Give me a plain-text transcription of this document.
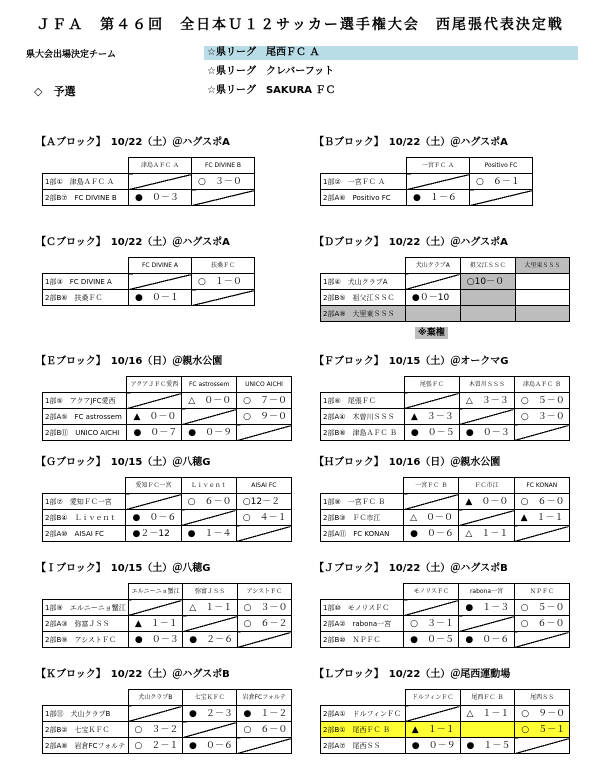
ＪＦＡ　第４６回　全日本Ｕ１２サッカー選手権大会　西尾張代表決定戦
県大会出場決定チーム	☆県リーグ　尾西ＦＣ Ａ
☆県リーグ　クレバーフット
☆県リーグ　SAKURA ＦＣ
◇　予選
【Ａブロック】　10/22（土）＠ハグスポA
	津島ＡＦＣ Ａ	FC DIVINE B
1部①　津島ＡＦＣ Ａ		○　３－０
2部B⑦　FC DIVINE B	●　０－３	
【Ｂブロック】　10/22（土）＠ハグスポA
	一宮ＦＣ Ａ	Positivo FC
1部②　一宮ＦＣ Ａ		○　６－１
2部A⑥　Positivo FC	●　１－６	
【Ｃブロック】　10/22（土）＠ハグスポA
	FC DIVINE A	扶桑ＦＣ
1部③　FC DIVINE A		○　１－０
2部B⑥　扶桑ＦＣ	●　０－１	
【Ｄブロック】　10/22（土）＠ハグスポA
	犬山クラブA	祖父江ＳＳＣ	大里東ＳＳＳ
1部④　犬山クラブA		○10－０	
2部B⑤　祖父江ＳＳＣ	●０－10		
2部A⑨　大里東ＳＳＳ			
※棄権
【Ｅブロック】　10/16（日）＠親水公園
	アクアＪＦＣ愛西	FC astrossem	UNICO AICHI
1部⑤　アクアJFC愛西		△　０－０	○　７－０
2部A⑤　FC astrossem	▲　０－０		○　９－０
2部B⑪　UNICO AICHI	●　０－７	●　０－９	
【Ｆブロック】　10/15（土）＠オークマG
	尾張ＦＣ	木曽川ＳＳＳ	津島ＡＦＣ Ｂ
1部⑥　尾張ＦＣ		△　３－３	○　５－０
2部A④　木曽川ＳＳＳ	▲　３－３		○　３－０
2部B⑧　津島ＡＦＣ Ｂ	●　０－５	●　０－３	
【Ｇブロック】　10/15（土）＠八穂G
	愛知ＦＣ一宮	Ｌｉｖｅｎｔ	AISAI FC
1部⑦　愛知ＦＣ一宮		○　６－０	○12－２
2部B④　Ｌｉｖｅｎｔ	●　０－６		○　４－１
2部A⑩　AISAI FC	●２－12	●　１－４	
【Ｈブロック】　10/16（日）＠親水公園
	一宮ＦＣ Ｂ	ＦＣ市江	FC KONAN
1部⑧　一宮ＦＣ Ｂ		▲　０－０	○　６－０
2部B③　ＦＣ市江	△　０－０		▲　１－１
2部A⑪　FC KONAN	●　０－６	△　１－１	
【Ｉブロック】　10/15（土）＠八穂G
	エルニーニョ蟹江	弥富ＪＳＳ	アシストＦＣ
1部⑨　エルニーニョ蟹江		△　１－１	○　３－０
2部A③　弥富ＪＳＳ	▲　１－１		○　６－２
2部B⑨　アシストＦＣ	●　０－３	●　２－６	
【Ｊブロック】　10/22（土）＠ハグスポB
	モノリスＦＣ	rabona一宮	ＮＰＦＣ
1部⑩　モノリスＦＣ		●　１－３	○　５－０
2部A②　rabona一宮	○　３－１		○　６－０
2部B⑩　ＮＰＦＣ	●　０－５	●　０－６	
【Ｋブロック】　10/22（土）＠ハグスポB
	犬山クラブB	七宝ＫＦＣ	岩倉FCフォルテ
1部⑪　犬山クラブB		●　２－３	●　１－２
2部B②　七宝ＫＦＣ	○　３－２		○　６－０
2部A⑧　岩倉FCフォルテ	○　２－１	●　０－６	
【Ｌブロック】　10/22（土）＠尾西運動場
	ドルフィンＦＣ	尾西ＦＣ Ｂ	尾西ＳＳ
2部A①　ドルフィンＦＣ		△　１－１	○　９－０
2部B①　尾西ＦＣ Ｂ	▲　１－１		○　５－１
2部A⑦　尾西ＳＳ	●　０－９	●　１－５	
